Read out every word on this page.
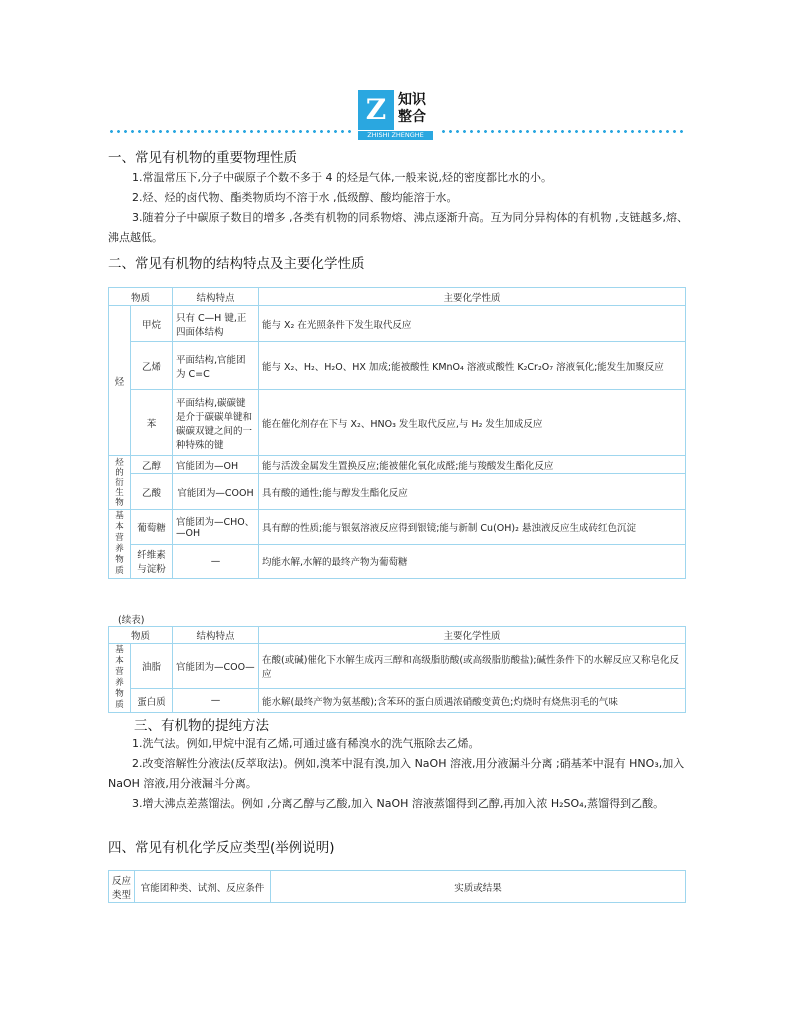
Z 知识
整合
ZHISHI ZHENGHE
一、常见有机物的重要物理性质
1.常温常压下,分子中碳原子个数不多于 4 的烃是气体,一般来说,烃的密度都比水的小。
2.烃、烃的卤代物、酯类物质均不溶于水 ,低级醇、酸均能溶于水。
3.随着分子中碳原子数目的增多 ,各类有机物的同系物熔、沸点逐渐升高。互为同分异构体的有机物 ,支链越多,熔、沸点越低。
二、常见有机物的结构特点及主要化学性质
物质		结构特点	主要化学性质
烃	甲烷	只有 C—H 键,正四面体结构	能与 X₂ 在光照条件下发生取代反应
	乙烯	平面结构,官能团为 C=C	能与 X₂、H₂、H₂O、HX 加成;能被酸性 KMnO₄ 溶液或酸性 K₂Cr₂O₇ 溶液氧化;能发生加聚反应
	苯	平面结构,碳碳键是介于碳碳单键和碳碳双键之间的一种特殊的键	能在催化剂存在下与 X₂、HNO₃ 发生取代反应,与 H₂ 发生加成反应
烃的衍生物	乙醇	官能团为—OH	能与活泼金属发生置换反应;能被催化氧化成醛;能与羧酸发生酯化反应
	乙酸	官能团为—COOH	具有酸的通性;能与醇发生酯化反应
基本营养物质	葡萄糖	官能团为—CHO、—OH	具有醇的性质;能与银氨溶液反应得到银镜;能与新制 Cu(OH)₂ 悬浊液反应生成砖红色沉淀
	纤维素与淀粉	—	均能水解,水解的最终产物为葡萄糖
(续表)
物质		结构特点	主要化学性质
基本营养物质	油脂	官能团为—COO—	在酸(或碱)催化下水解生成丙三醇和高级脂肪酸(或高级脂肪酸盐);碱性条件下的水解反应又称皂化反应
	蛋白质	—	能水解(最终产物为氨基酸);含苯环的蛋白质遇浓硝酸变黄色;灼烧时有烧焦羽毛的气味
三、有机物的提纯方法
1.洗气法。例如,甲烷中混有乙烯,可通过盛有稀溴水的洗气瓶除去乙烯。
2.改变溶解性分液法(反萃取法)。例如,溴苯中混有溴,加入 NaOH 溶液,用分液漏斗分离 ;硝基苯中混有 HNO₃,加入 NaOH 溶液,用分液漏斗分离。
3.增大沸点差蒸馏法。例如 ,分离乙醇与乙酸,加入 NaOH 溶液蒸馏得到乙醇,再加入浓 H₂SO₄,蒸馏得到乙酸。
四、常见有机化学反应类型(举例说明)
反应类型	官能团种类、试剂、反应条件	实质或结果
